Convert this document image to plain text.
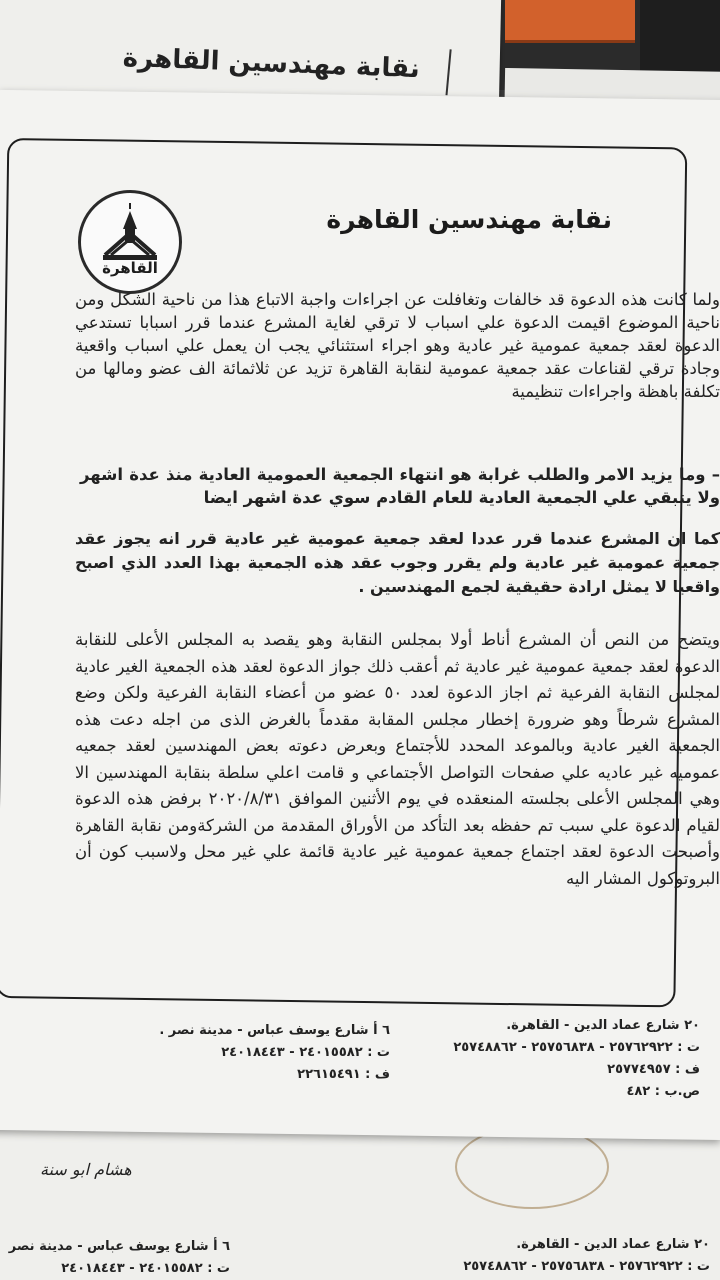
نقابة مهندسين القاهرة
هشام ابو سنة
٦ أ شارع يوسف عباس - مدينة نصر
ت : ٢٤٠١٥٥٨٢ - ٢٤٠١٨٤٤٣
٢٠ شارع عماد الدين - القاهرة.
ت : ٢٥٧٦٢٩٢٢ - ٢٥٧٥٦٨٣٨ - ٢٥٧٤٨٨٦٢
القاهرة
نقابة مهندسين القاهرة
ولما كانت هذه الدعوة قد خالفات وتغافلت عن اجراءات واجبة الاتباع هذا من ناحية الشكل ومن ناحية الموضوع اقيمت الدعوة علي اسباب لا ترقي لغاية المشرع عندما قرر اسبابا تستدعي الدعوة لعقد جمعية عمومية غير عادية وهو اجراء استثنائي يجب ان يعمل علي اسباب واقعية وجادة ترقي لقناعات عقد جمعية عمومية لنقابة القاهرة تزيد عن ثلاثمائة الف عضو ومالها من تكلفة باهظة واجراءات تنظيمية
– وما يزيد الامر والطلب غرابة هو انتهاء الجمعية العمومية العادية منذ عدة اشهر ولا يتبقي علي الجمعية العادية للعام القادم سوي عدة اشهر ايضا
كما ان المشرع عندما قرر عددا لعقد جمعية عمومية غير عادية قرر انه يجوز عقد جمعية عمومية غير عادية ولم يقرر وجوب عقد هذه الجمعية بهذا العدد الذي اصبح واقعيا لا يمثل ارادة حقيقية لجمع المهندسين .
ويتضح من النص أن المشرع أناط أولا بمجلس النقابة وهو يقصد به المجلس الأعلى للنقابة الدعوة لعقد جمعية عمومية غير عادية ثم أعقب ذلك جواز الدعوة لعقد هذه الجمعية الغير عادية لمجلس النقابة الفرعية ثم اجاز الدعوة لعدد ٥٠ عضو من أعضاء النقابة الفرعية ولكن وضع المشرع شرطاً وهو ضرورة إخطار مجلس المقابة مقدماً بالغرض الذى من اجله دعت هذه الجمعية الغير عادية وبالموعد المحدد للأجتماع وبعرض دعوته بعض المهندسين لعقد جمعيه عموميه غير عاديه علي صفحات التواصل الأجتماعي و قامت اعلي سلطة بنقابة المهندسين الا وهي المجلس الأعلى بجلسته المنعقده في يوم الأثنين الموافق ٢٠٢٠/٨/٣١ برفض هذه الدعوة لقيام الدعوة علي سبب تم حفظه بعد التأكد من الأوراق المقدمة من الشركةومن نقابة القاهرة وأصبحت الدعوة لعقد اجتماع جمعية عمومية غير عادية قائمة علي غير محل ولاسبب كون أن البروتوكول المشار اليه
٦ أ شارع يوسف عباس - مدينة نصر .
ت : ٢٤٠١٥٥٨٢ - ٢٤٠١٨٤٤٣
ف : ٢٢٦١٥٤٩١
٢٠ شارع عماد الدين - القاهرة.
ت : ٢٥٧٦٢٩٢٢ - ٢٥٧٥٦٨٣٨ - ٢٥٧٤٨٨٦٢
ف : ٢٥٧٧٤٩٥٧
ص.ب : ٤٨٢
